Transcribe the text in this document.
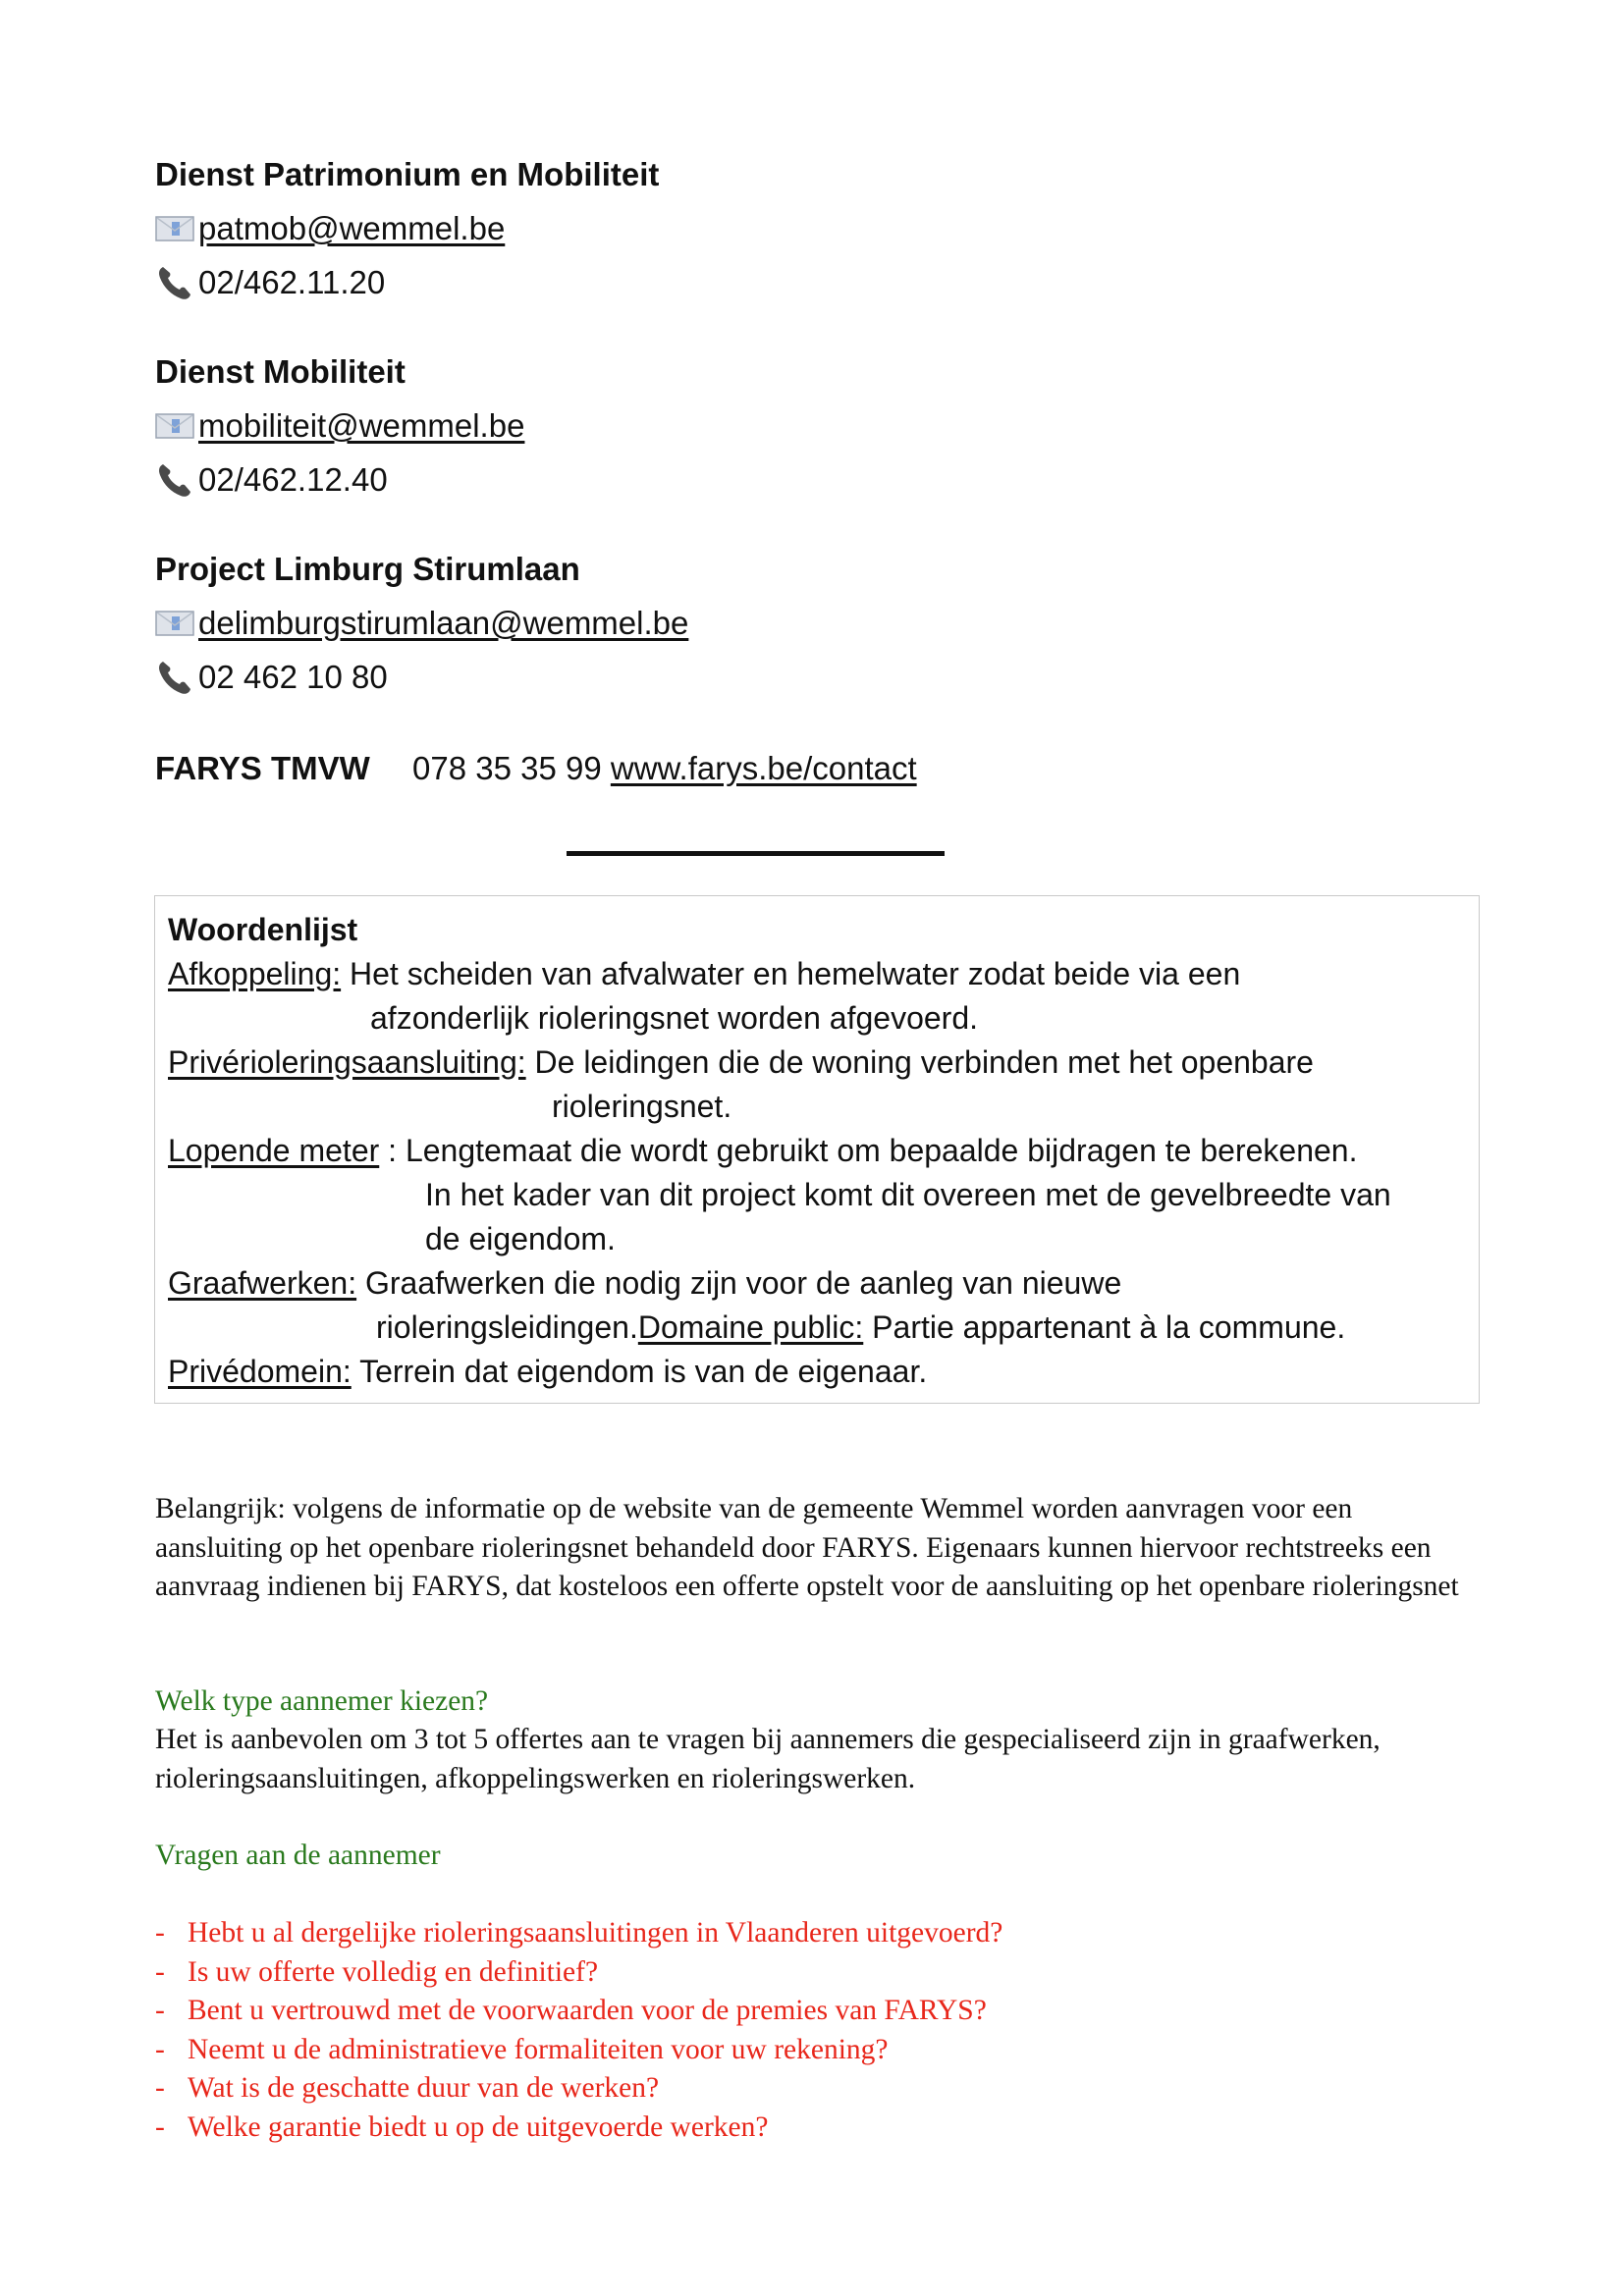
Dienst Patrimonium en Mobiliteit
patmob@wemmel.be
02/462.11.20
Dienst Mobiliteit
mobiliteit@wemmel.be
02/462.12.40
Project Limburg Stirumlaan
delimburgstirumlaan@wemmel.be
02 462 10 80
FARYS TMVW 078 35 35 99 www.farys.be/contact
Woordenlijst
Afkoppeling: Het scheiden van afvalwater en hemelwater zodat beide via een
afzonderlijk rioleringsnet worden afgevoerd.
Privérioleringsaansluiting: De leidingen die de woning verbinden met het openbare
rioleringsnet.
Lopende meter : Lengtemaat die wordt gebruikt om bepaalde bijdragen te berekenen.
In het kader van dit project komt dit overeen met de gevelbreedte van
de eigendom.
Graafwerken: Graafwerken die nodig zijn voor de aanleg van nieuwe
rioleringsleidingen.Domaine public: Partie appartenant à la commune.
Privédomein: Terrein dat eigendom is van de eigenaar.

Belangrijk: volgens de informatie op de website van de gemeente Wemmel worden aanvragen voor een aansluiting op het openbare rioleringsnet behandeld door FARYS. Eigenaars kunnen hiervoor rechtstreeks een aanvraag indienen bij FARYS, dat kosteloos een offerte opstelt voor de aansluiting op het openbare rioleringsnet

Welk type aannemer kiezen?

Het is aanbevolen om 3 tot 5 offertes aan te vragen bij aannemers die gespecialiseerd zijn in graafwerken, rioleringsaansluitingen, afkoppelingswerken en rioleringswerken.

Vragen aan de aannemer

- Hebt u al dergelijke rioleringsaansluitingen in Vlaanderen uitgevoerd?
- Is uw offerte volledig en definitief?
- Bent u vertrouwd met de voorwaarden voor de premies van FARYS?
- Neemt u de administratieve formaliteiten voor uw rekening?
- Wat is de geschatte duur van de werken?
- Welke garantie biedt u op de uitgevoerde werken?
